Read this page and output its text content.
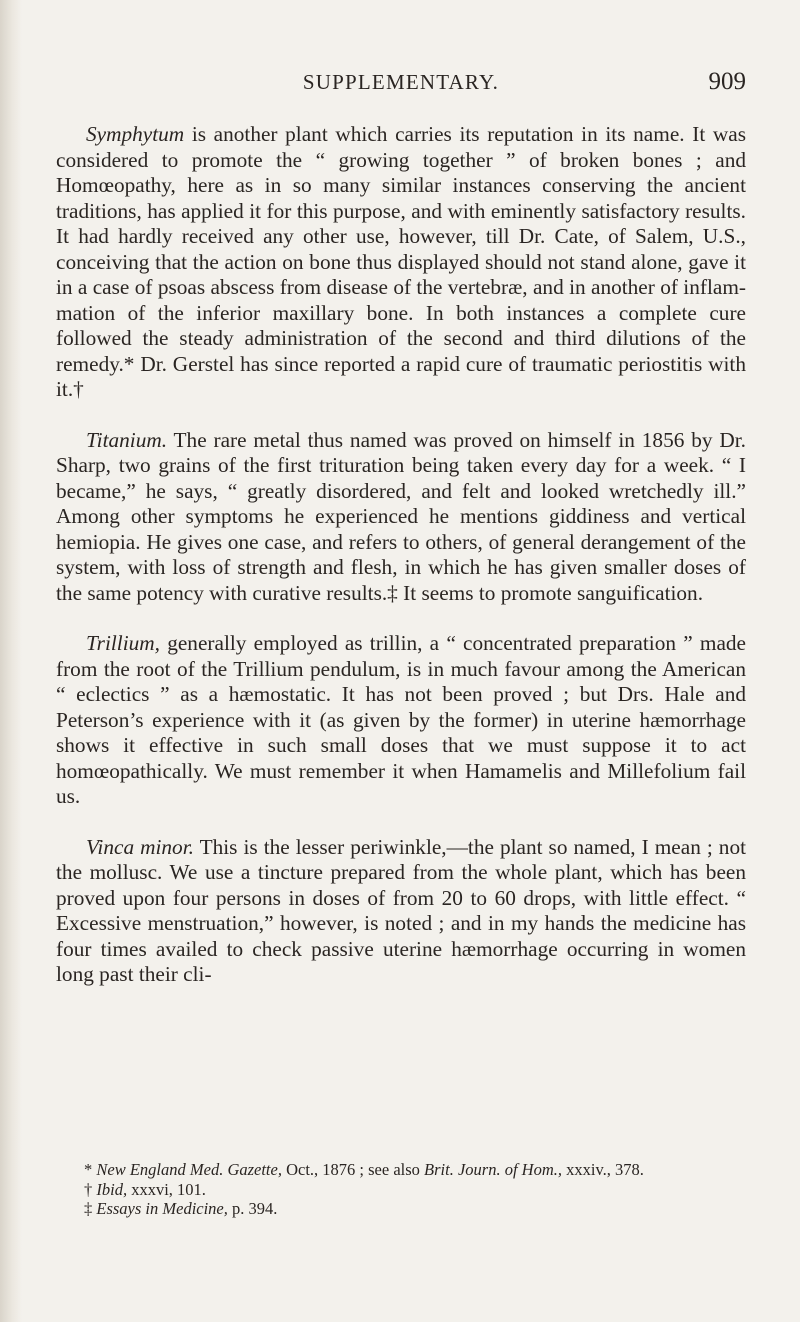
SUPPLEMENTARY.	909

Symphytum is another plant which carries its reputation in its name. It was considered to promote the “ growing together ” of broken bones ; and Homœopathy, here as in so many similar instances conserving the ancient traditions, has applied it for this purpose, and with eminently satisfactory results. It had hardly received any other use, however, till Dr. Cate, of Salem, U.S., conceiving that the action on bone thus displayed should not stand alone, gave it in a case of psoas abscess from disease of the vertebræ, and in another of inflammation of the inferior maxillary bone. In both instances a complete cure followed the steady administration of the second and third dilutions of the remedy.* Dr. Gerstel has since reported a rapid cure of traumatic periostitis with it.†

Titanium. The rare metal thus named was proved on himself in 1856 by Dr. Sharp, two grains of the first trituration being taken every day for a week. “ I became,” he says, “ greatly disordered, and felt and looked wretchedly ill.” Among other symptoms he experienced he mentions giddiness and vertical hemiopia. He gives one case, and refers to others, of general derangement of the system, with loss of strength and flesh, in which he has given smaller doses of the same potency with curative results.‡ It seems to promote sanguification.

Trillium, generally employed as trillin, a “ concentrated preparation ” made from the root of the Trillium pendulum, is in much favour among the American “ eclectics ” as a hæmostatic. It has not been proved ; but Drs. Hale and Peterson’s experience with it (as given by the former) in uterine hæmorrhage shows it effective in such small doses that we must suppose it to act homœopathically. We must remember it when Hamamelis and Millefolium fail us.

Vinca minor. This is the lesser periwinkle,—the plant so named, I mean ; not the mollusc. We use a tincture prepared from the whole plant, which has been proved upon four persons in doses of from 20 to 60 drops, with little effect. “ Excessive menstruation,” however, is noted ; and in my hands the medicine has four times availed to check passive uterine hæmorrhage occurring in women long past their cli-

* New England Med. Gazette, Oct., 1876 ; see also Brit. Journ. of Hom., xxxiv., 378.

† Ibid, xxxvi, 101.

‡ Essays in Medicine, p. 394.
